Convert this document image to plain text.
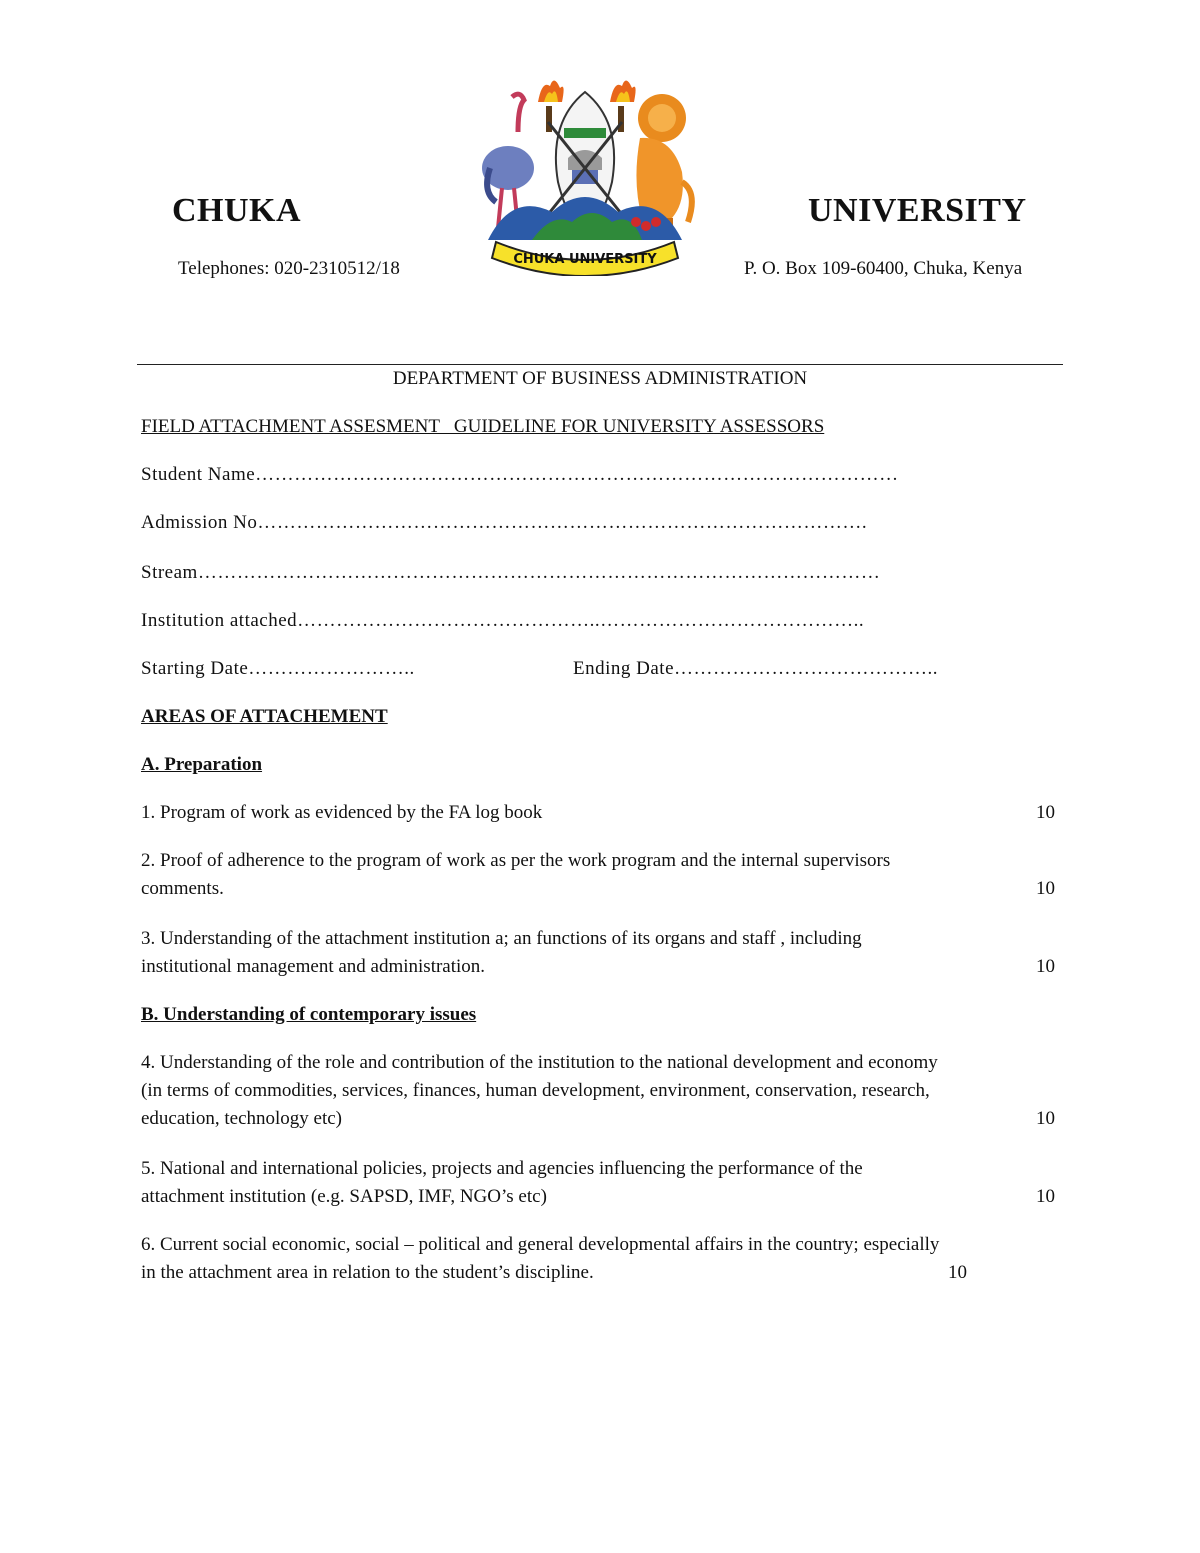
CHUKA	UNIVERSITY
Telephones: 020-2310512/18	P. O. Box 109-60400, Chuka, Kenya
CHUKA UNIVERSITY
DEPARTMENT OF BUSINESS ADMINISTRATION
FIELD ATTACHMENT ASSESMENT   GUIDELINE FOR UNIVERSITY ASSESSORS
Student Name………………………………………………………………………………………
Admission No………………………………………………………………………………….
Stream……………………………………………………………………………………………
Institution attached………………………………………..…………………………………..
Starting Date……………………..	Ending Date…………………………………..
AREAS OF ATTACHEMENT
A. Preparation
1. Program of work as evidenced by the FA log book	10
2. Proof of adherence to the program of work as per the work program and the internal supervisors
comments.	10
3. Understanding of the attachment institution a; an functions of its organs and staff , including
institutional management and administration.	10
B. Understanding of contemporary issues
4. Understanding of the role and contribution of the institution to the national development and economy
(in terms of commodities, services, finances, human development, environment, conservation, research,
education, technology etc)	10
5. National and international policies, projects and agencies influencing the performance of the
attachment institution (e.g. SAPSD, IMF, NGO’s etc)	10
6. Current social economic, social – political and general developmental affairs in the country; especially
in the attachment area in relation to the student’s discipline.	10
